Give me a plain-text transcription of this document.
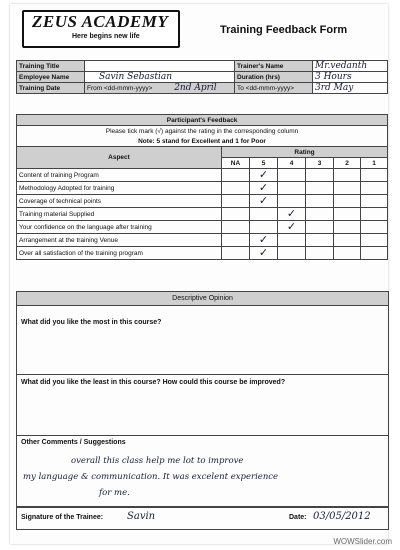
ZEUS ACADEMY
Here begins new life
Training Feedback Form
Training Title		Trainer's Name	Mr.vedanth
Employee Name	Savin Sebastian	Duration (hrs)	3 Hours
Training Date	From <dd-mmm-yyyy> 2nd April	To <dd-mmm-yyyy>	3rd May
Participant's Feedback						
Please tick mark (√) against the rating in the corresponding column						
Note: 5 stand for Excellent and 1 for Poor						
Aspect	Rating					
	NA	5	4	3	2	1
Content of training Program		✓				
Methodology Adopted for training		✓				
Coverage of technical points		✓				
Training material Supplied			✓			
Your confidence on the language after training			✓			
Arrangement at the training Venue		✓				
Over all satisfaction of the training program		✓				
Descriptive Opinion
What did you like the most in this course?
What did you like the least in this course? How could this course be improved?
Other Comments / Suggestions
overall this class help me lot to improve
my language & communication. It was excelent experience
for me.
Signature of the Trainee: Savin	Date: 03/05/2012
WOWSlider.com
